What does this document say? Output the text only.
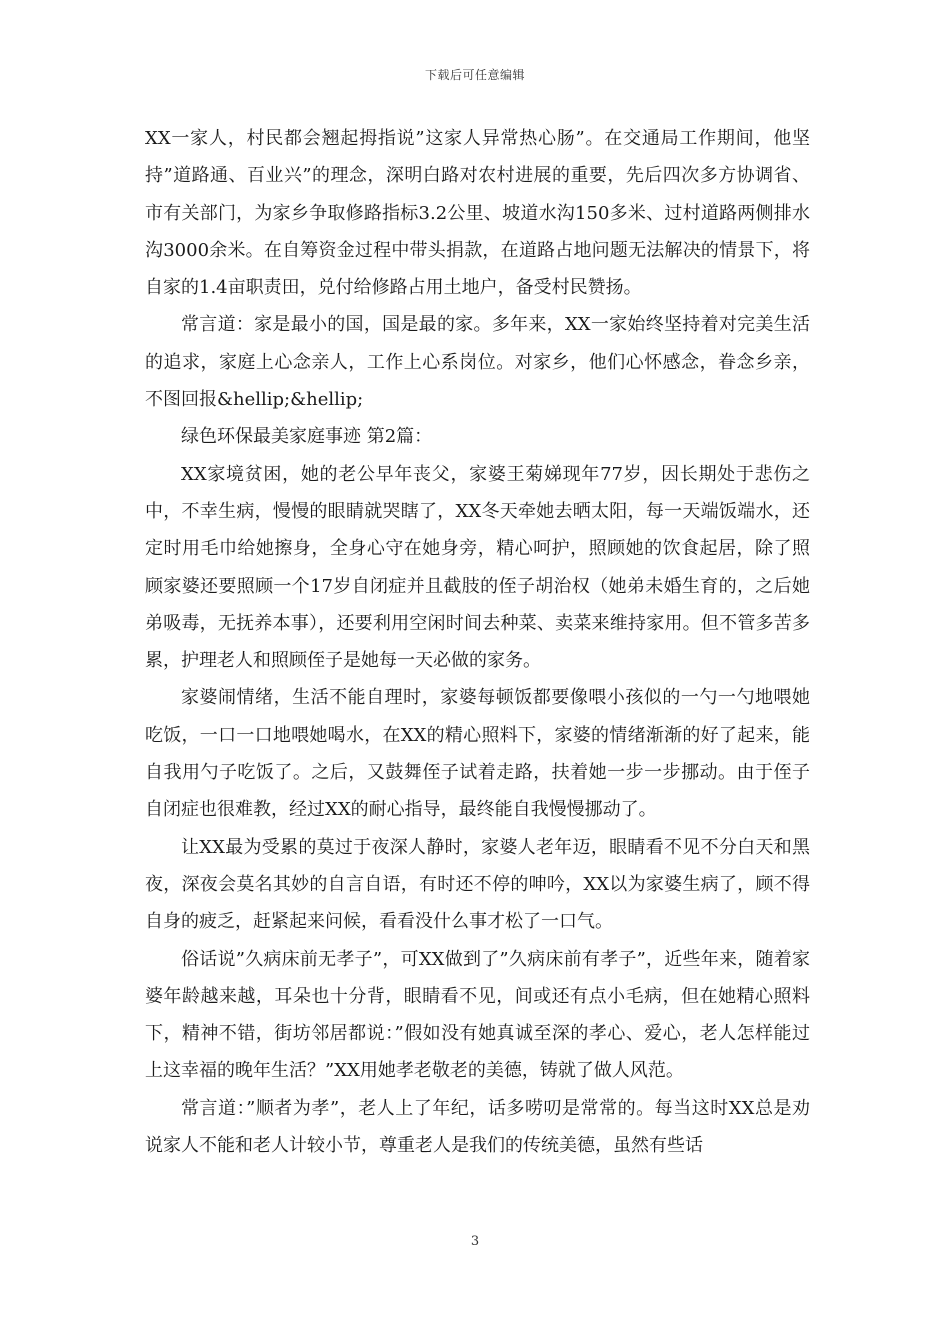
下载后可任意编辑

XX一家人，村民都会翘起拇指说”这家人异常热心肠”。在交通局工作期间，他坚持”道路通、百业兴”的理念，深明白路对农村进展的重要，先后四次多方协调省、市有关部门，为家乡争取修路指标3.2公里、坡道水沟150多米、过村道路两侧排水沟3000余米。在自筹资金过程中带头捐款，在道路占地问题无法解决的情景下，将自家的1.4亩职责田，兑付给修路占用土地户，备受村民赞扬。

常言道：家是最小的国，国是最的家。多年来，XX一家始终坚持着对完美生活的追求，家庭上心念亲人，工作上心系岗位。对家乡，他们心怀感念，眷念乡亲，不图回报&hellip;&hellip;

绿色环保最美家庭事迹 第2篇：

XX家境贫困，她的老公早年丧父，家婆王菊娣现年77岁，因长期处于悲伤之中，不幸生病，慢慢的眼睛就哭瞎了，XX冬天牵她去晒太阳，每一天端饭端水，还定时用毛巾给她擦身，全身心守在她身旁，精心呵护，照顾她的饮食起居，除了照顾家婆还要照顾一个17岁自闭症并且截肢的侄子胡治权（她弟未婚生育的，之后她弟吸毒，无抚养本事），还要利用空闲时间去种菜、卖菜来维持家用。但不管多苦多累，护理老人和照顾侄子是她每一天必做的家务。

家婆闹情绪，生活不能自理时，家婆每顿饭都要像喂小孩似的一勺一勺地喂她吃饭，一口一口地喂她喝水，在XX的精心照料下，家婆的情绪渐渐的好了起来，能自我用勺子吃饭了。之后，又鼓舞侄子试着走路，扶着她一步一步挪动。由于侄子自闭症也很难教，经过XX的耐心指导，最终能自我慢慢挪动了。

让XX最为受累的莫过于夜深人静时，家婆人老年迈，眼睛看不见不分白天和黑夜，深夜会莫名其妙的自言自语，有时还不停的呻吟，XX以为家婆生病了，顾不得自身的疲乏，赶紧起来问候，看看没什么事才松了一口气。

俗话说”久病床前无孝子”，可XX做到了”久病床前有孝子”，近些年来，随着家婆年龄越来越，耳朵也十分背，眼睛看不见，间或还有点小毛病，但在她精心照料下，精神不错，街坊邻居都说：”假如没有她真诚至深的孝心、爱心，老人怎样能过上这幸福的晚年生活？”XX用她孝老敬老的美德，铸就了做人风范。

常言道：”顺者为孝”，老人上了年纪，话多唠叨是常常的。每当这时XX总是劝说家人不能和老人计较小节，尊重老人是我们的传统美德，虽然有些话

3
